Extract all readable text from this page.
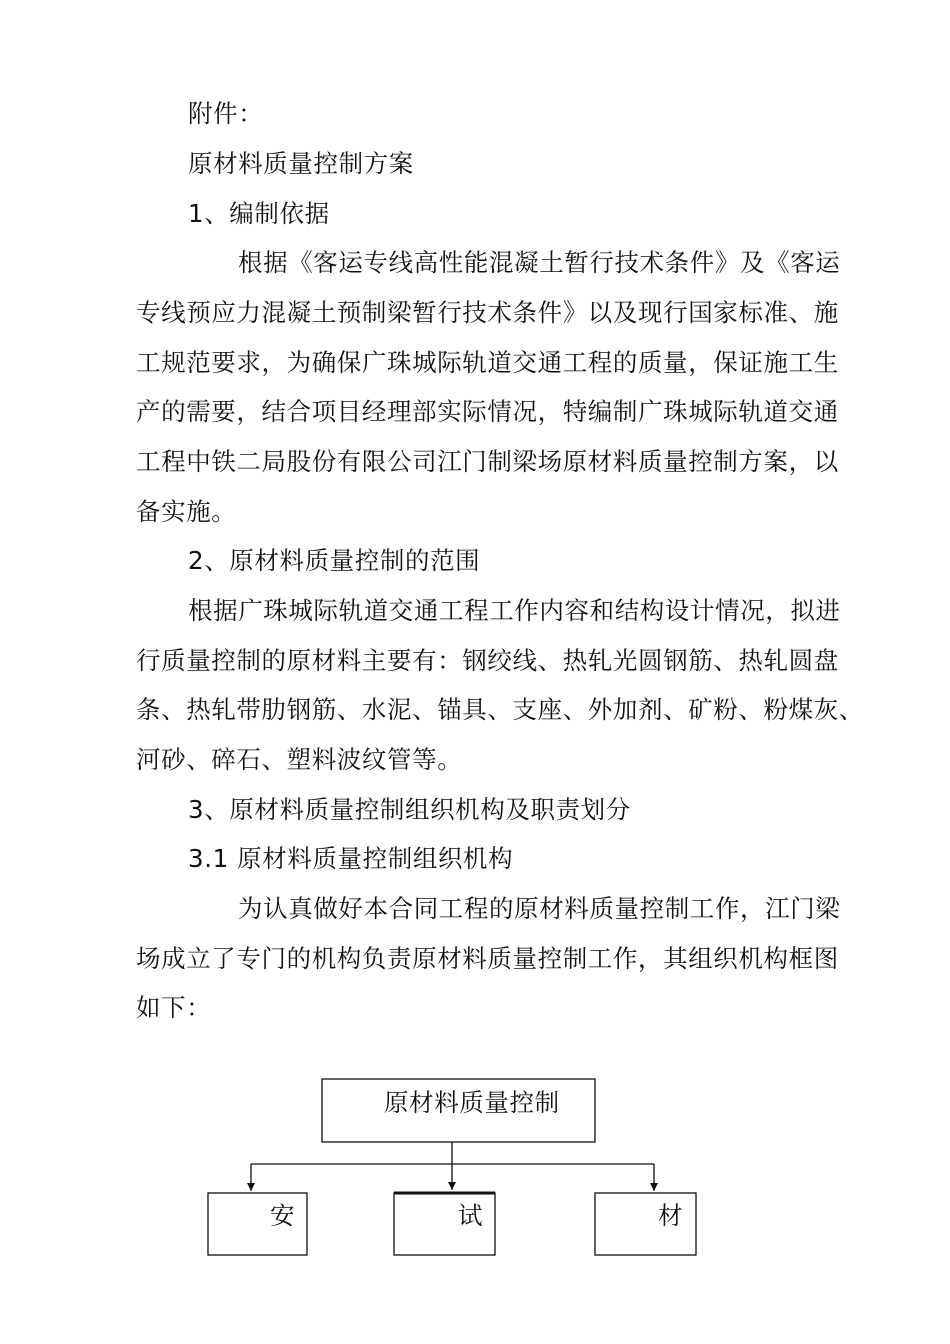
附件：
原材料质量控制方案
1、编制依据
根据《客运专线高性能混凝土暂行技术条件》及《客运
专线预应力混凝土预制梁暂行技术条件》以及现行国家标准、施
工规范要求，为确保广珠城际轨道交通工程的质量，保证施工生
产的需要，结合项目经理部实际情况，特编制广珠城际轨道交通
工程中铁二局股份有限公司江门制梁场原材料质量控制方案，以
备实施。
2、原材料质量控制的范围
根据广珠城际轨道交通工程工作内容和结构设计情况，拟进
行质量控制的原材料主要有：钢绞线、热轧光圆钢筋、热轧圆盘
条、热轧带肋钢筋、水泥、锚具、支座、外加剂、矿粉、粉煤灰、
河砂、碎石、塑料波纹管等。
3、原材料质量控制组织机构及职责划分
3.1 原材料质量控制组织机构
为认真做好本合同工程的原材料质量控制工作，江门梁
场成立了专门的机构负责原材料质量控制工作，其组织机构框图
如下：
原材料质量控制
安	试	材
